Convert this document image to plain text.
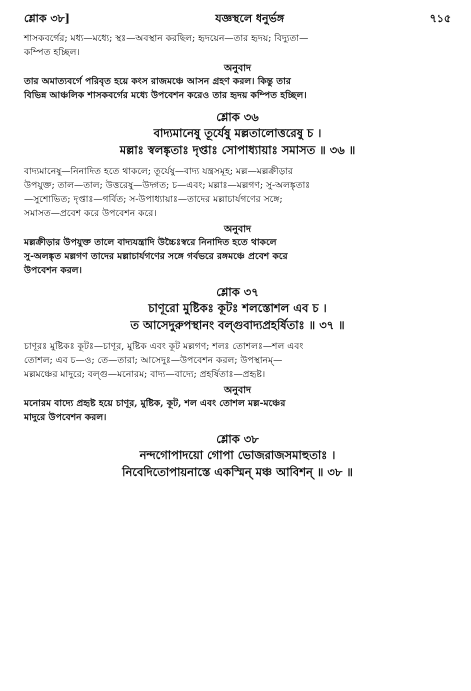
শ্লোক ৩৮]	যজ্ঞস্থলে ধনুর্ভঙ্গ	৭১৫

শাসকবর্গের; মধ্য—মধ্যে; স্থঃ—অবস্থান করছিল; হৃদয়েন—তার হৃদয়; বিদ্যুতা—

কম্পিত হচ্ছিল।

অনুবাদ

তার অমাত্যবর্গে পরিবৃত হয়ে কংস রাজমঞ্চে আসন গ্রহণ করল। কিন্তু তার

বিভিন্ন আঞ্চলিক শাসকবর্গের মধ্যে উপবেশন করেও তার হৃদয় কম্পিত হচ্ছিল।

শ্লোক ৩৬

বাদ্যমানেষু তূর্যেষু মল্লতালোত্তরেষু চ ।

মল্লাঃ স্বলঙ্কৃতাঃ দৃপ্তাঃ সোপাধ্যায়াঃ সমাসত ॥ ৩৬ ॥

বাদ্যমানেষু—নিনাদিত হতে থাকলে; তূর্যেষু—বাদ্য যন্ত্রসমূহ; মল্ল—মল্লক্রীড়ার

উপযুক্ত; তাল—তাল; উত্তরেষু—উদ্গত; চ—এবং; মল্লাঃ—মল্লগণ; সু-অলঙ্কৃতাঃ

—সুশোভিত; দৃপ্তাঃ—গর্বিত; স-উপাধ্যায়াঃ—তাদের মল্লাচার্যগণের সঙ্গে;

সমাসত—প্রবেশ করে উপবেশন করে।

অনুবাদ

মল্লক্রীড়ার উপযুক্ত তালে বাদ্যযন্ত্রাদি উচ্চৈঃস্বরে নিনাদিত হতে থাকলে

সু-অলঙ্কৃত মল্লগণ তাদের মল্লাচার্যগণের সঙ্গে গর্বভরে রঙ্গমঞ্চে প্রবেশ করে

উপবেশন করল।

শ্লোক ৩৭

চাণূরো মুষ্টিকঃ কূটঃ শলস্তোশল এব চ ।

ত আসেদুরুপস্থানং বল্গুবাদ্যপ্রহর্ষিতাঃ ॥ ৩৭ ॥

চাণূরঃ মুষ্টিকঃ কূটঃ—চাণূর, মুষ্টিক এবং কূট মল্লগণ; শলঃ তোশলঃ—শল এবং

তোশল; এব চ—ও; তে—তারা; আসেদুঃ—উপবেশন করল; উপস্থানম্—

মল্লমঞ্চের মাদুরে; বল্গু—মনোরম; বাদ্য—বাদ্যে; প্রহর্ষিতাঃ—প্রহৃষ্ট।

অনুবাদ

মনোরম বাদ্যে প্রহৃষ্ট হয়ে চাণূর, মুষ্টিক, কূট, শল এবং তোশল মল্ল-মঞ্চের

মাদুরে উপবেশন করল।

শ্লোক ৩৮

নন্দগোপাদয়ো গোপা ভোজরাজসমাহুতাঃ ।

নিবেদিতোপায়নাস্তে একস্মিন্ মঞ্চ আবিশন্ ॥ ৩৮ ॥
